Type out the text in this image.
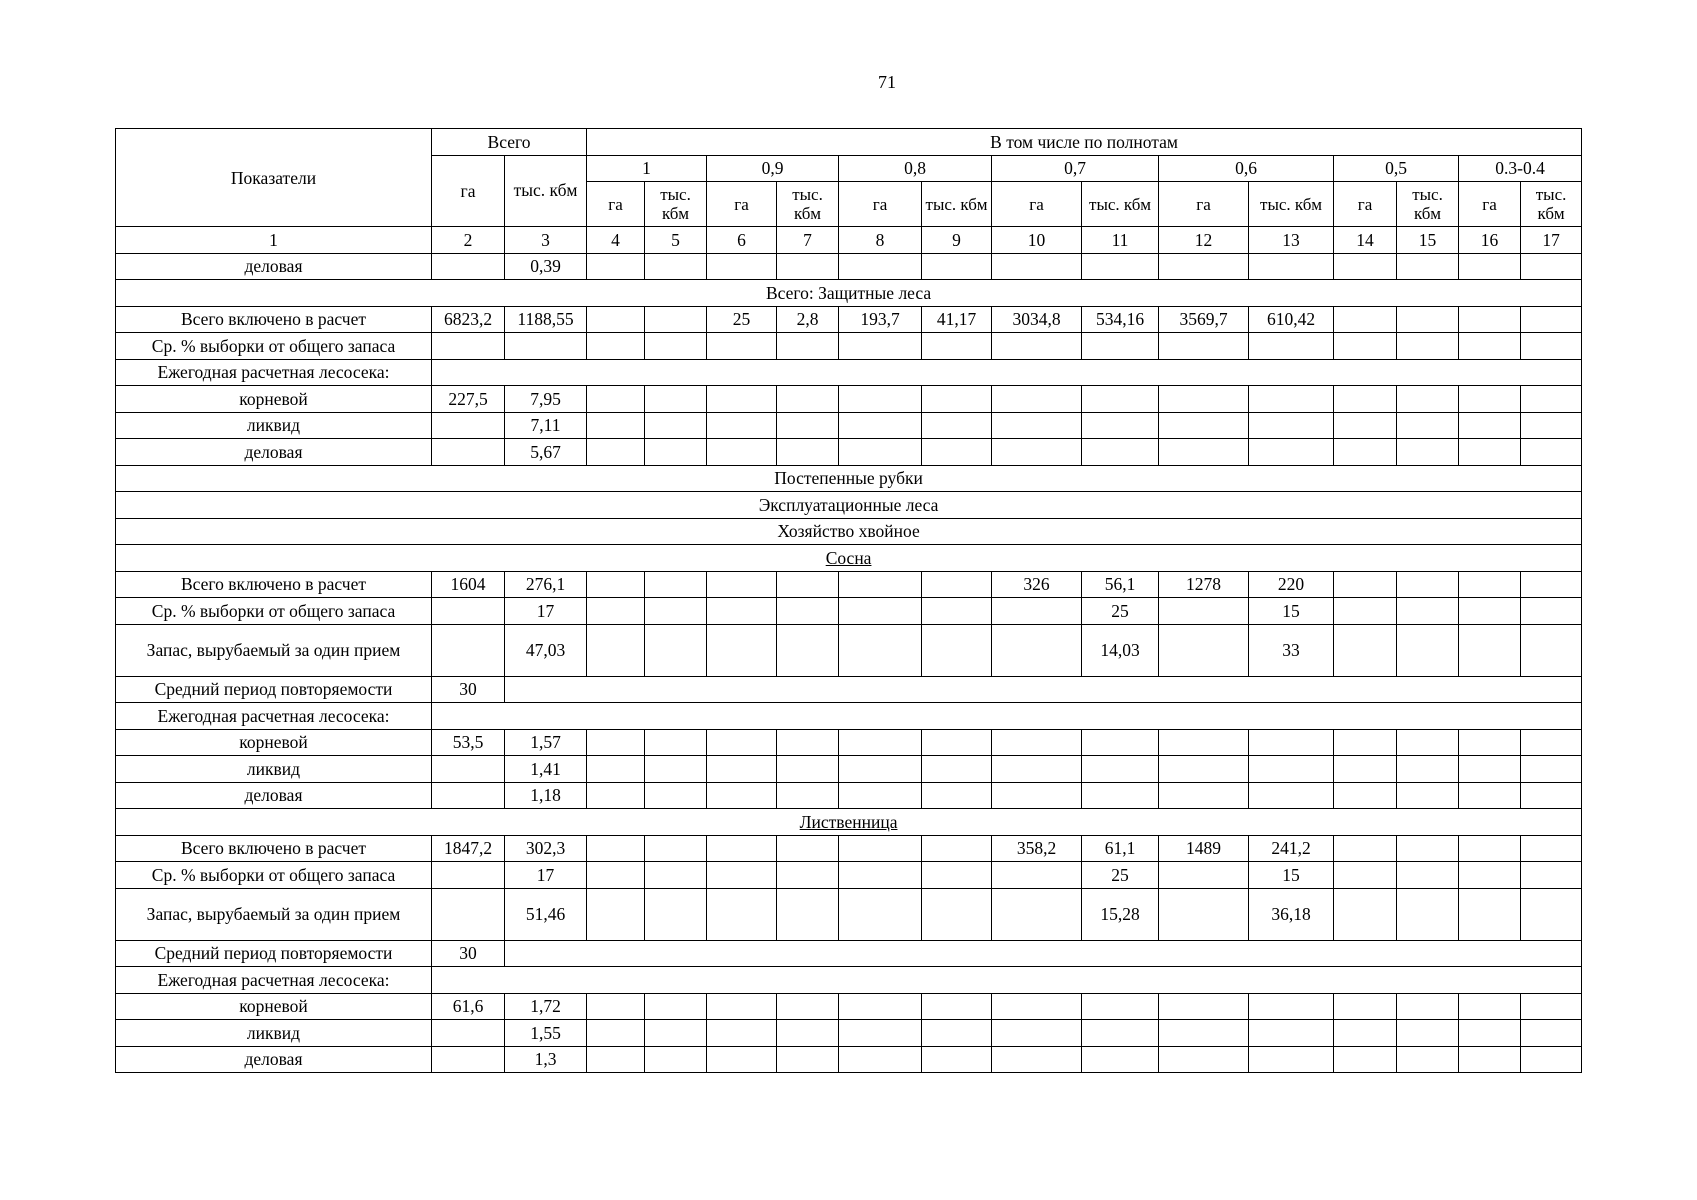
71
Показатели	Всего		В том числе по полнотам													
	га	тыс. кбм	1		0,9		0,8		0,7		0,6		0,5		0.3-0.4	
			га	тыс. кбм	га	тыс. кбм	га	тыс. кбм	га	тыс. кбм	га	тыс. кбм	га	тыс. кбм	га	тыс. кбм
1	2	3	4	5	6	7	8	9	10	11	12	13	14	15	16	17
деловая		0,39														
Всего: Защитные леса																
Всего включено в расчет	6823,2	1188,55			25	2,8	193,7	41,17	3034,8	534,16	3569,7	610,42				
Ср. % выборки от общего запаса																
Ежегодная расчетная лесосека:																
корневой	227,5	7,95														
ликвид		7,11														
деловая		5,67														
Постепенные рубки																
Эксплуатационные леса																
Хозяйство хвойное																
Сосна																
Всего включено в расчет	1604	276,1							326	56,1	1278	220				
Ср. % выборки от общего запаса		17								25		15				
Запас, вырубаемый за один прием		47,03								14,03		33				
Средний период повторяемости	30															
Ежегодная расчетная лесосека:																
корневой	53,5	1,57														
ликвид		1,41														
деловая		1,18														
Лиственница																
Всего включено в расчет	1847,2	302,3							358,2	61,1	1489	241,2				
Ср. % выборки от общего запаса		17								25		15				
Запас, вырубаемый за один прием		51,46								15,28		36,18				
Средний период повторяемости	30															
Ежегодная расчетная лесосека:																
корневой	61,6	1,72														
ликвид		1,55														
деловая		1,3														
